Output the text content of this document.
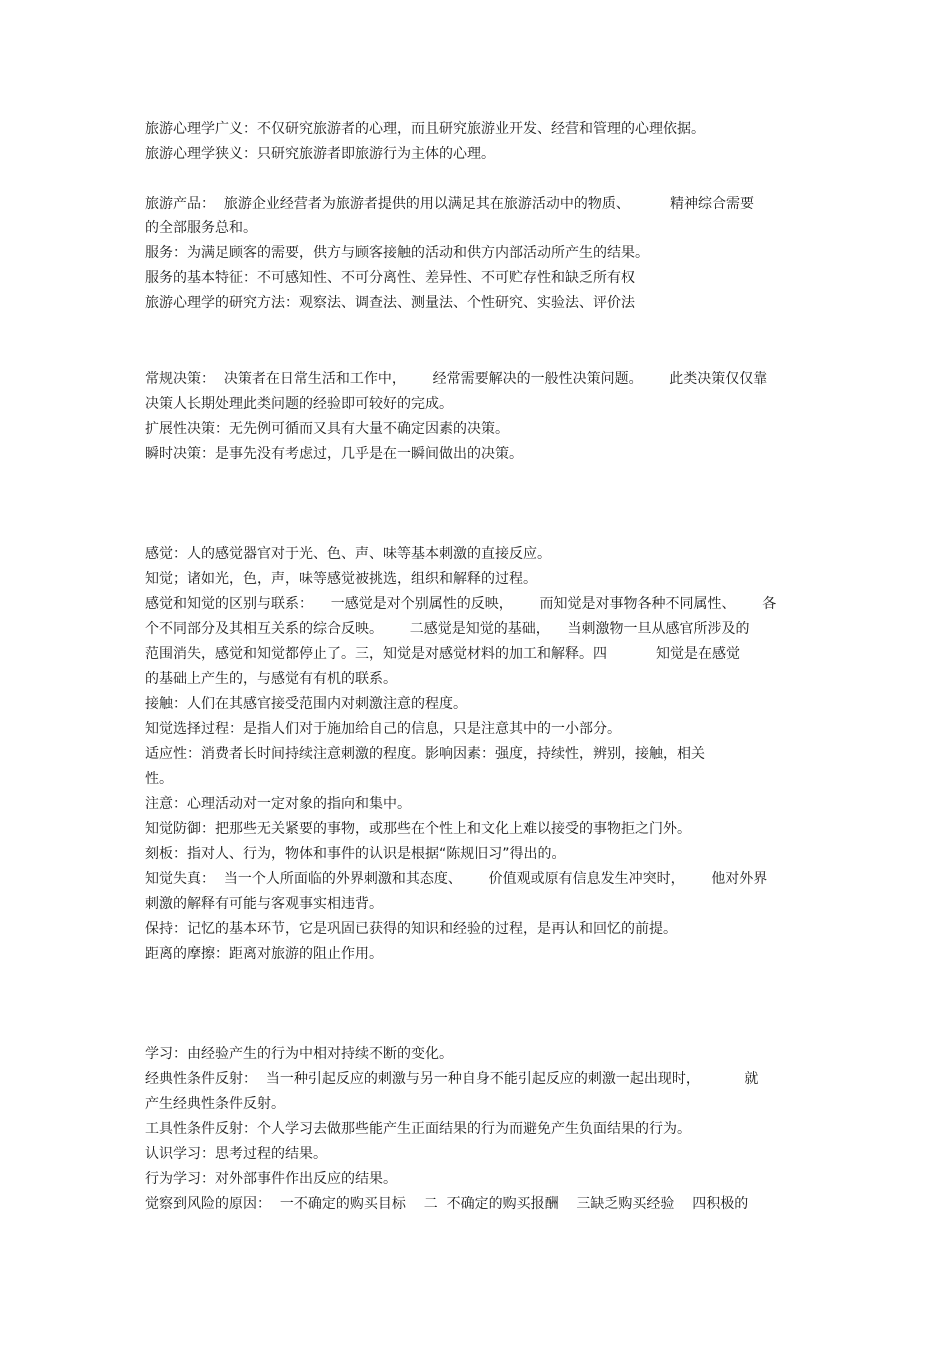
旅游心理学广义：不仅研究旅游者的心理，而且研究旅游业开发、经营和管理的心理依据。
旅游心理学狭义：只研究旅游者即旅游行为主体的心理。
旅游产品：  旅游企业经营者为旅游者提供的用以满足其在旅游活动中的物质、         精神综合需要
的全部服务总和。
服务：为满足顾客的需要，供方与顾客接触的活动和供方内部活动所产生的结果。
服务的基本特征：不可感知性、不可分离性、差异性、不可贮存性和缺乏所有权
旅游心理学的研究方法：观察法、调查法、测量法、个性研究、实验法、评价法
常规决策：  决策者在日常生活和工作中，      经常需要解决的一般性决策问题。      此类决策仅仅靠
决策人长期处理此类问题的经验即可较好的完成。
扩展性决策：无先例可循而又具有大量不确定因素的决策。
瞬时决策：是事先没有考虑过，几乎是在一瞬间做出的决策。
感觉：人的感觉器官对于光、色、声、味等基本刺激的直接反应。
知觉；诸如光，色，声，味等感觉被挑选，组织和解释的过程。
感觉和知觉的区别与联系：    一感觉是对个别属性的反映，      而知觉是对事物各种不同属性、      各
个不同部分及其相互关系的综合反映。      二感觉是知觉的基础，    当刺激物一旦从感官所涉及的
范围消失，感觉和知觉都停止了。三，知觉是对感觉材料的加工和解释。四           知觉是在感觉
的基础上产生的，与感觉有有机的联系。
接触：人们在其感官接受范围内对刺激注意的程度。
知觉选择过程：是指人们对于施加给自己的信息，只是注意其中的一小部分。
适应性：消费者长时间持续注意刺激的程度。影响因素：强度，持续性，辨别，接触，相关
性。
注意：心理活动对一定对象的指向和集中。
知觉防御：把那些无关紧要的事物，或那些在个性上和文化上难以接受的事物拒之门外。
刻板：指对人、行为，物体和事件的认识是根据“陈规旧习”得出的。
知觉失真：  当一个人所面临的外界刺激和其态度、      价值观或原有信息发生冲突时，      他对外界
刺激的解释有可能与客观事实相违背。
保持：记忆的基本环节，它是巩固已获得的知识和经验的过程，是再认和回忆的前提。
距离的摩擦：距离对旅游的阻止作用。
学习：由经验产生的行为中相对持续不断的变化。
经典性条件反射：  当一种引起反应的刺激与另一种自身不能引起反应的刺激一起出现时，          就
产生经典性条件反射。
工具性条件反射：个人学习去做那些能产生正面结果的行为而避免产生负面结果的行为。
认识学习：思考过程的结果。
行为学习：对外部事件作出反应的结果。
觉察到风险的原因：  一不确定的购买目标    二  不确定的购买报酬    三缺乏购买经验    四积极的
